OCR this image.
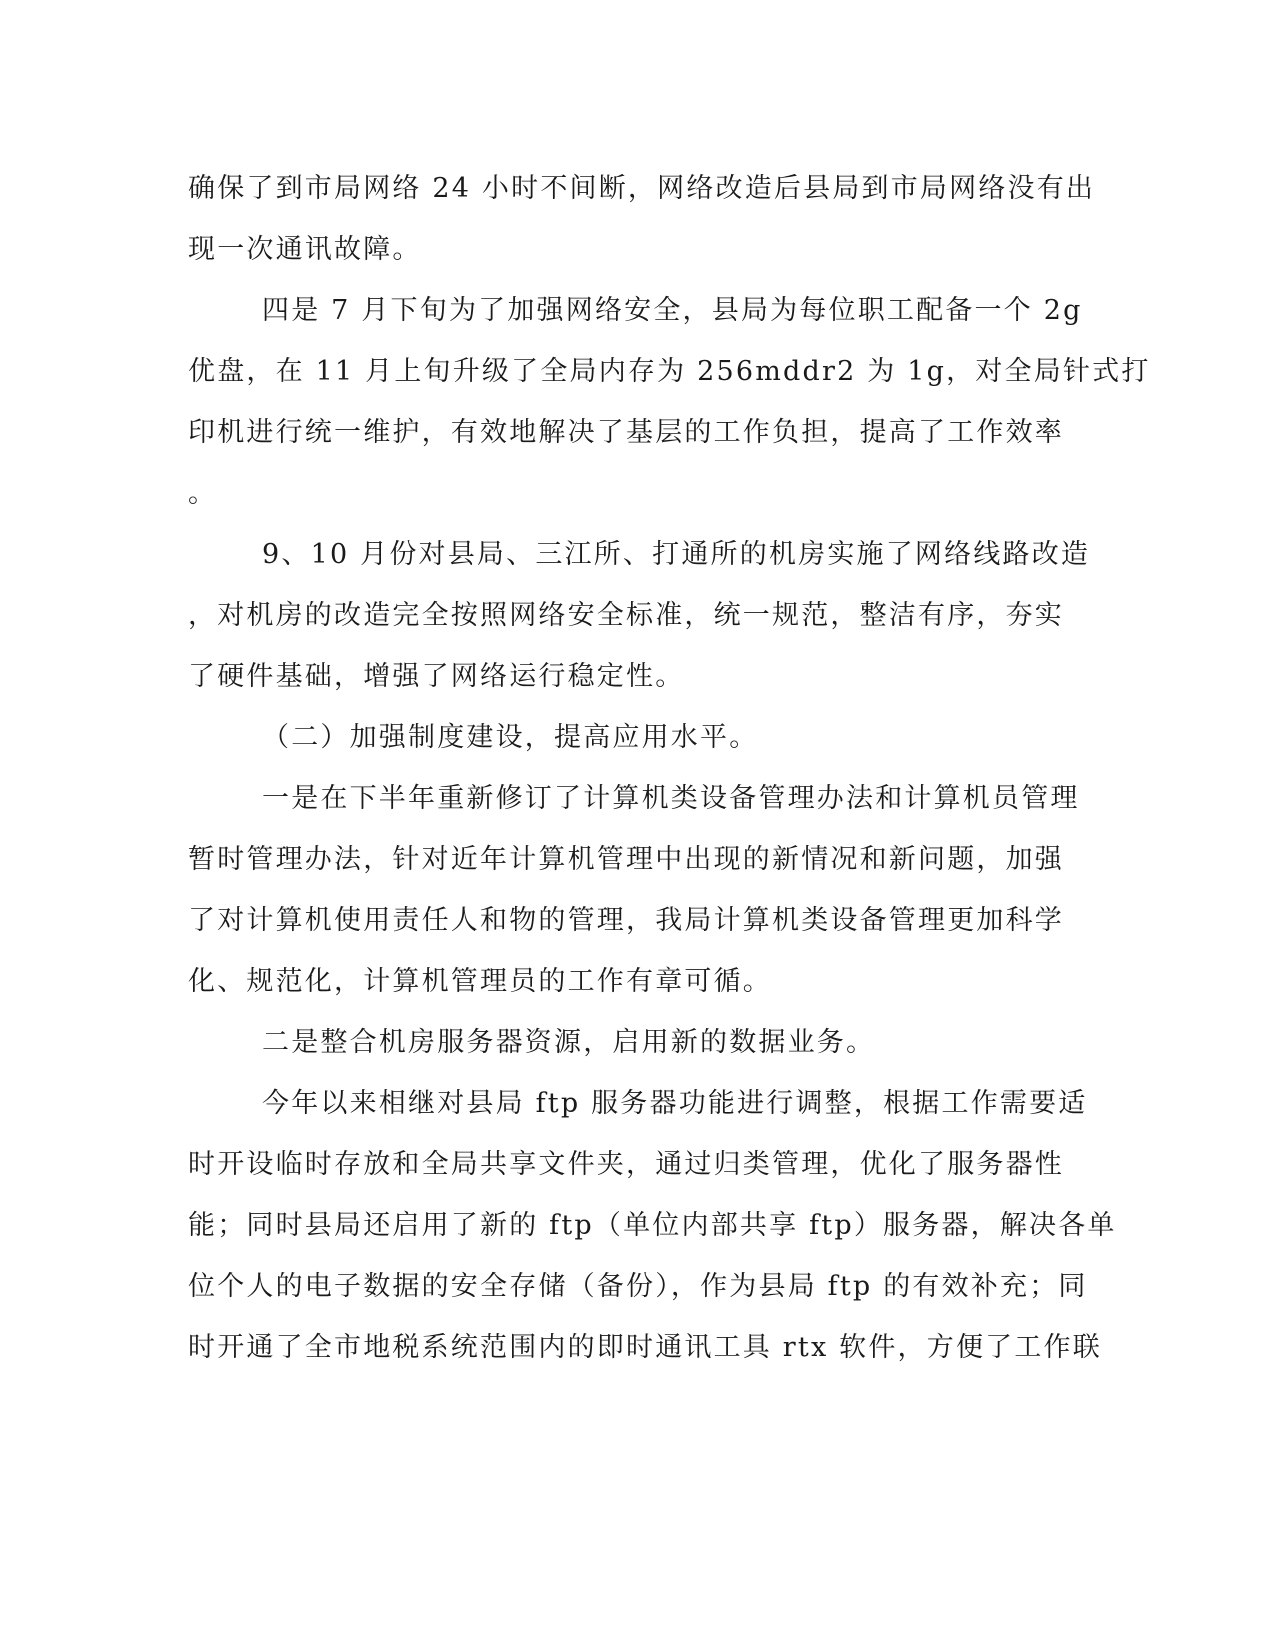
确保了到市局网络 24 小时不间断，网络改造后县局到市局网络没有出
现一次通讯故障。
四是 7 月下旬为了加强网络安全，县局为每位职工配备一个 2g
优盘，在 11 月上旬升级了全局内存为 256mddr2 为 1g，对全局针式打
印机进行统一维护，有效地解决了基层的工作负担，提高了工作效率
。
9、10 月份对县局、三江所、打通所的机房实施了网络线路改造
，对机房的改造完全按照网络安全标准，统一规范，整洁有序，夯实
了硬件基础，增强了网络运行稳定性。
（二）加强制度建设，提高应用水平。
一是在下半年重新修订了计算机类设备管理办法和计算机员管理
暂时管理办法，针对近年计算机管理中出现的新情况和新问题，加强
了对计算机使用责任人和物的管理，我局计算机类设备管理更加科学
化、规范化，计算机管理员的工作有章可循。
二是整合机房服务器资源，启用新的数据业务。
今年以来相继对县局 ftp 服务器功能进行调整，根据工作需要适
时开设临时存放和全局共享文件夹，通过归类管理，优化了服务器性
能；同时县局还启用了新的 ftp（单位内部共享 ftp）服务器，解决各单
位个人的电子数据的安全存储（备份），作为县局 ftp 的有效补充；同
时开通了全市地税系统范围内的即时通讯工具 rtx 软件，方便了工作联
